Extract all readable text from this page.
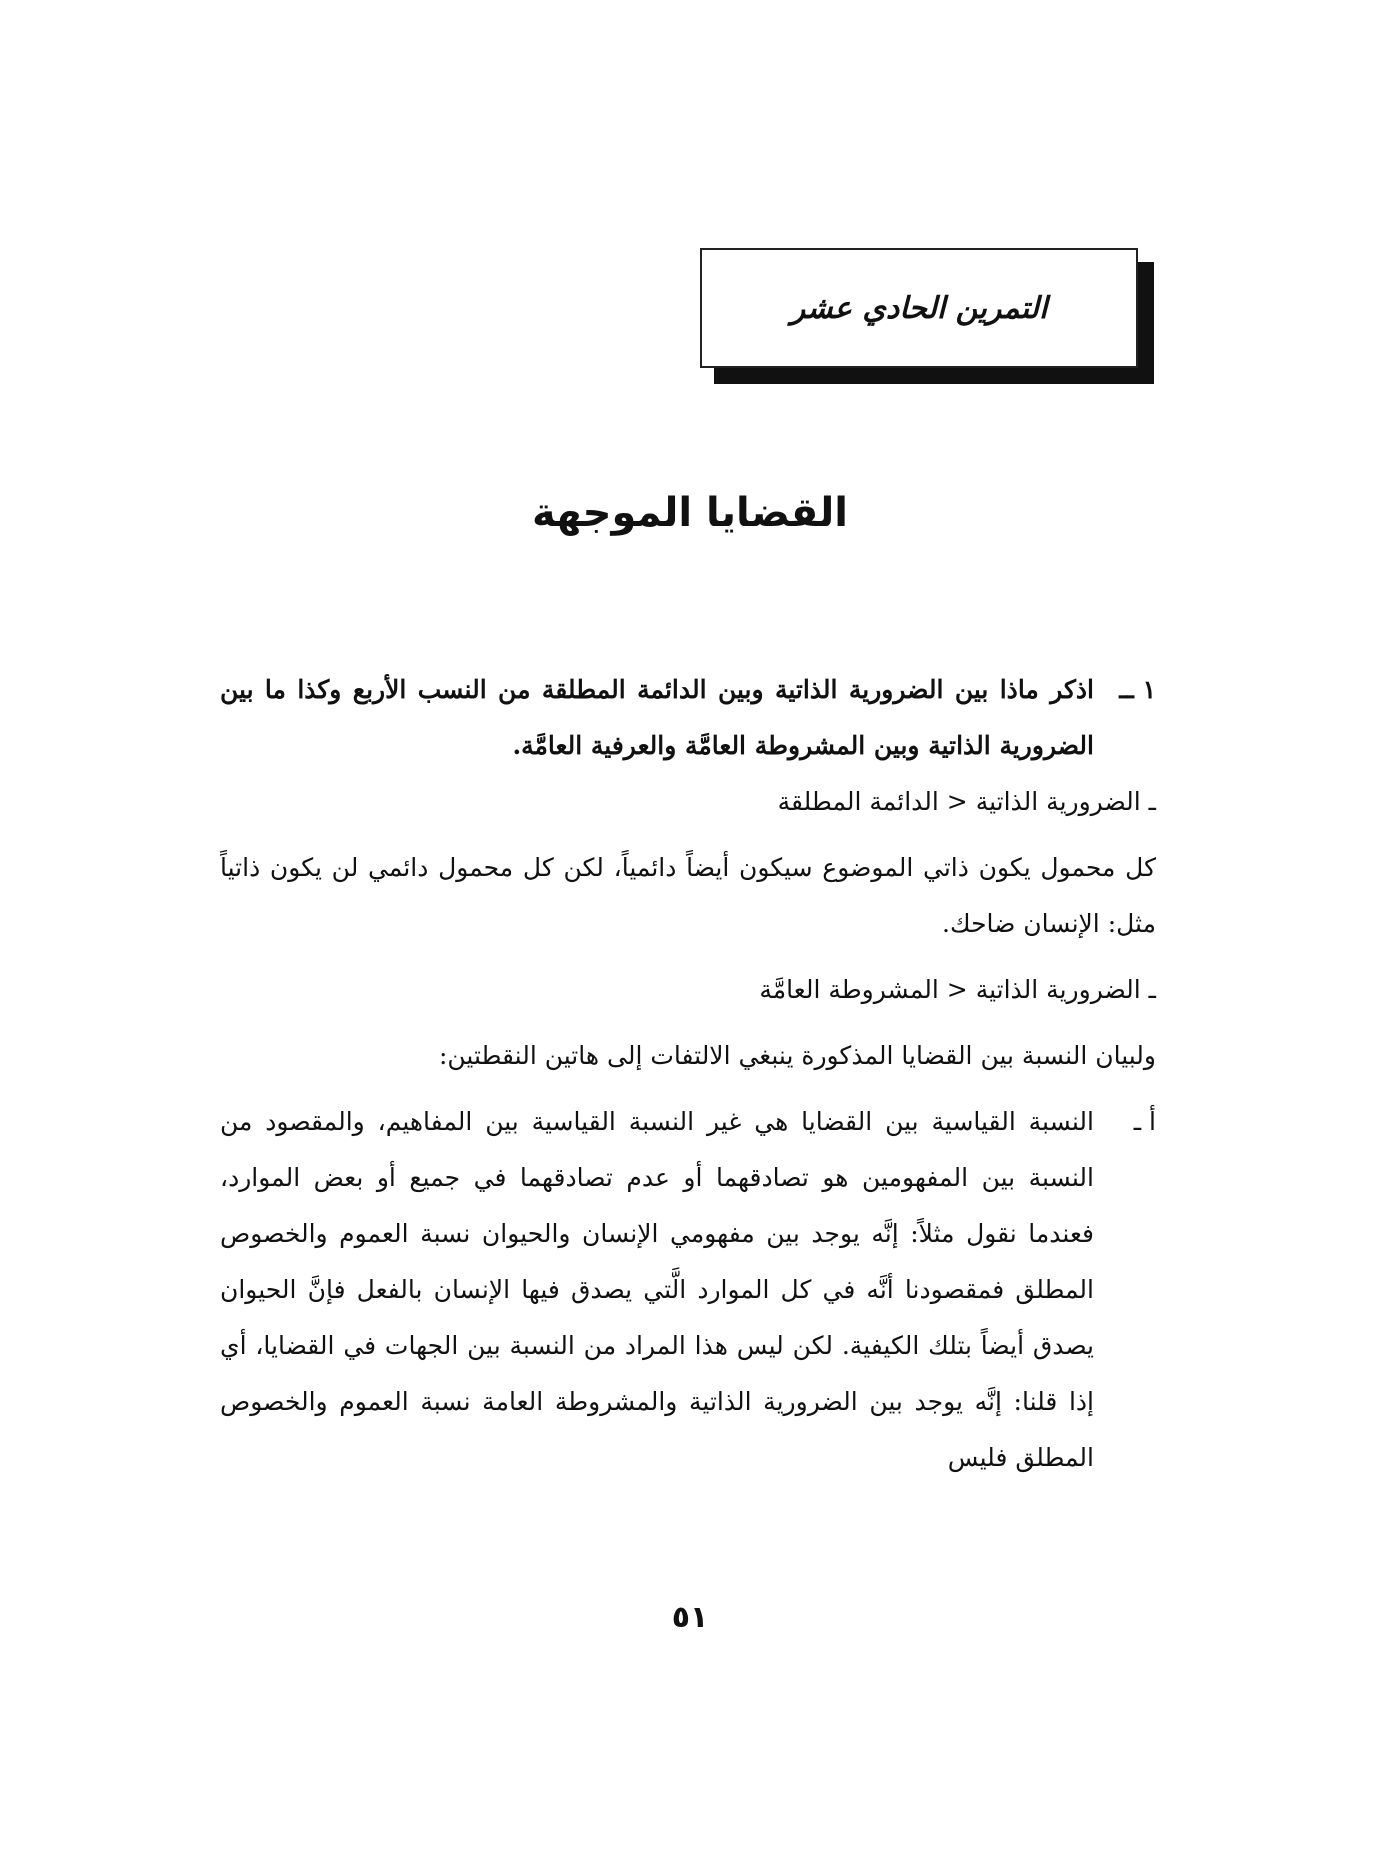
التمرين الحادي عشر
القضايا الموجهة
١ ــ
اذكر ماذا بين الضرورية الذاتية وبين الدائمة المطلقة من النسب الأربع وكذا ما بين الضرورية الذاتية وبين المشروطة العامَّة والعرفية العامَّة.

ـ الضرورية الذاتية < الدائمة المطلقة

كل محمول يكون ذاتي الموضوع سيكون أيضاً دائمياً، لكن كل محمول دائمي لن يكون ذاتياً مثل: الإنسان ضاحك.

ـ الضرورية الذاتية < المشروطة العامَّة

ولبيان النسبة بين القضايا المذكورة ينبغي الالتفات إلى هاتين النقطتين:

أ ـ
النسبة القياسية بين القضايا هي غير النسبة القياسية بين المفاهيم، والمقصود من النسبة بين المفهومين هو تصادقهما أو عدم تصادقهما في جميع أو بعض الموارد، فعندما نقول مثلاً: إنَّه يوجد بين مفهومي الإنسان والحيوان نسبة العموم والخصوص المطلق فمقصودنا أنَّه في كل الموارد الَّتي يصدق فيها الإنسان بالفعل فإنَّ الحيوان يصدق أيضاً بتلك الكيفية. لكن ليس هذا المراد من النسبة بين الجهات في القضايا، أي إذا قلنا: إنَّه يوجد بين الضرورية الذاتية والمشروطة العامة نسبة العموم والخصوص المطلق فليس
٥١
